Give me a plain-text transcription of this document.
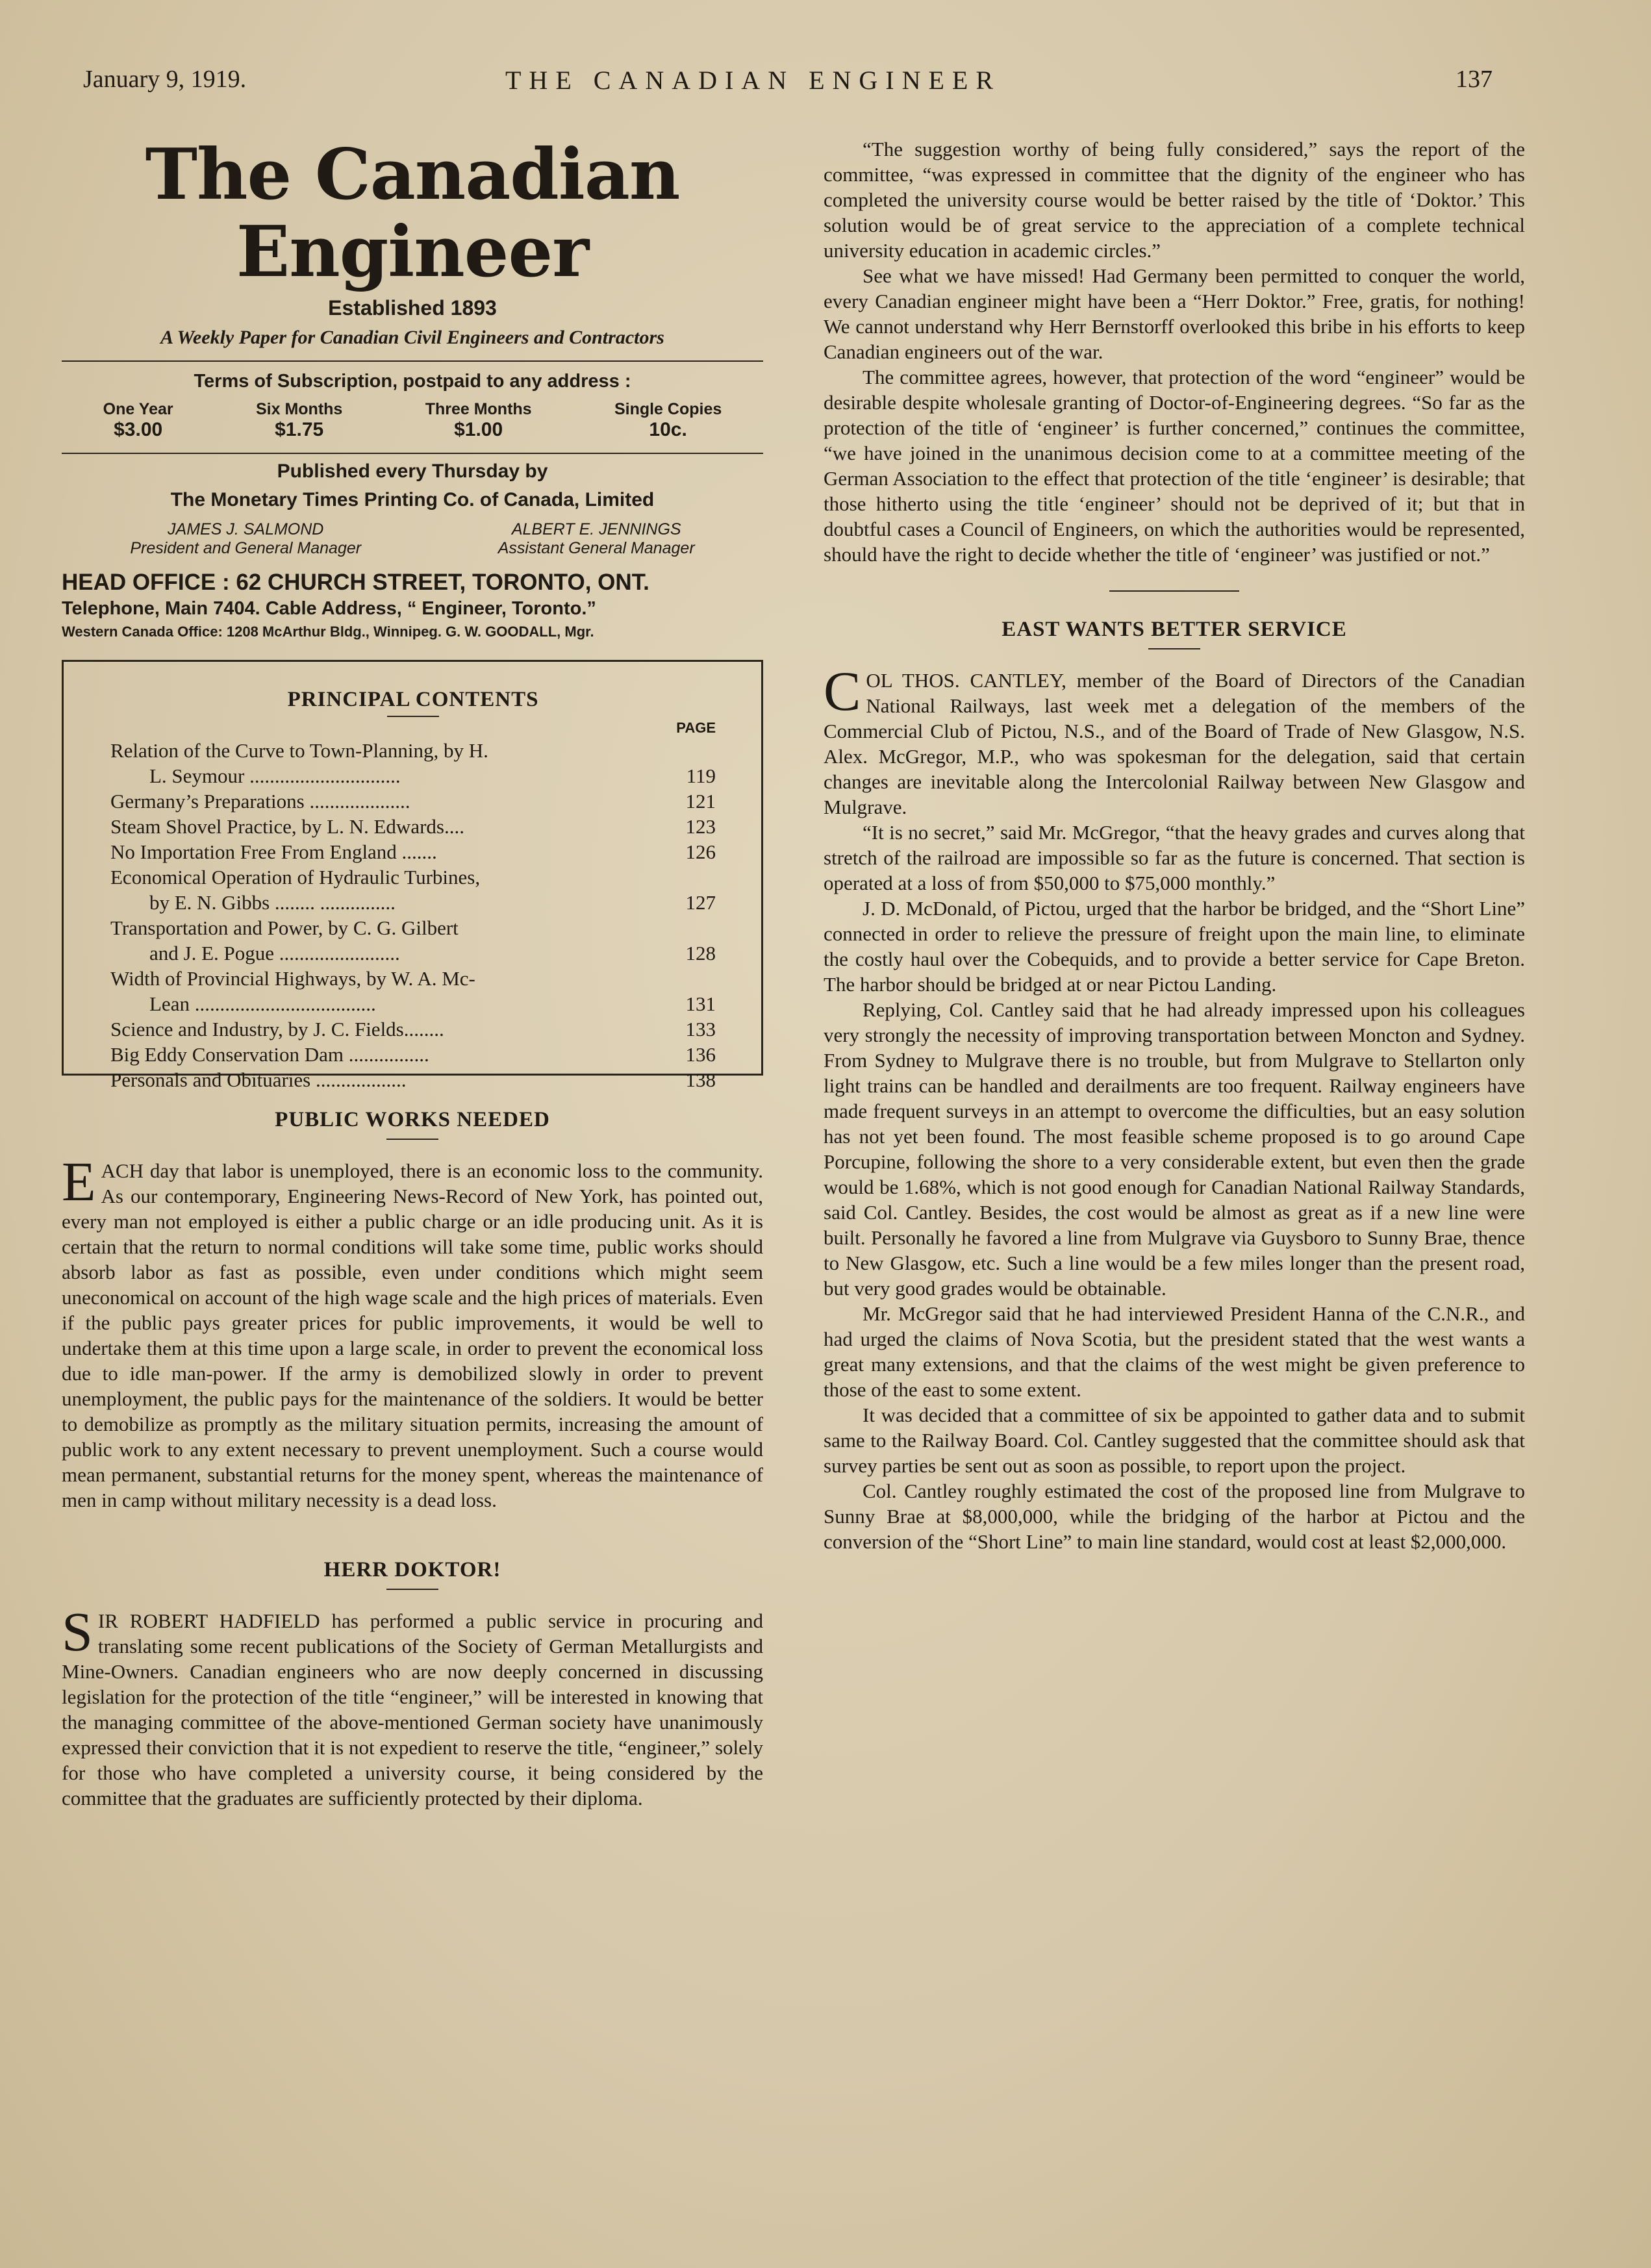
January 9, 1919.	THE CANADIAN ENGINEER	137
The Canadian Engineer
Established 1893
A Weekly Paper for Canadian Civil Engineers and Contractors
Terms of Subscription, postpaid to any address :
One Year
$3.00
Six Months
$1.75
Three Months
$1.00
Single Copies
10c.
Published every Thursday by
The Monetary Times Printing Co. of Canada, Limited
JAMES J. SALMOND
President and General Manager
ALBERT E. JENNINGS
Assistant General Manager
HEAD OFFICE : 62 CHURCH STREET, TORONTO, ONT.
Telephone, Main 7404. Cable Address, “ Engineer, Toronto.”
Western Canada Office: 1208 McArthur Bldg., Winnipeg. G. W. GOODALL, Mgr.
PRINCIPAL CONTENTS
PAGE
Relation of the Curve to Town-Planning, by H.
L. Seymour ..............................	119
Germany’s Preparations ....................	121
Steam Shovel Practice, by L. N. Edwards....	123
No Importation Free From England .......	126
Economical Operation of Hydraulic Turbines,
by E. N. Gibbs ........ ...............	127
Transportation and Power, by C. G. Gilbert
and J. E. Pogue ........................	128
Width of Provincial Highways, by W. A. Mc-
Lean ....................................	131
Science and Industry, by J. C. Fields........	133
Big Eddy Conservation Dam ................	136
Personals and Obituaries ..................	138
PUBLIC WORKS NEEDED

EACH day that labor is unemployed, there is an economic loss to the community. As our contemporary, Engineering News-Record of New York, has pointed out, every man not employed is either a public charge or an idle producing unit. As it is certain that the return to normal conditions will take some time, public works should absorb labor as fast as possible, even under conditions which might seem uneconomical on account of the high wage scale and the high prices of materials. Even if the public pays greater prices for public improvements, it would be well to undertake them at this time upon a large scale, in order to prevent the economical loss due to idle man-power. If the army is demobilized slowly in order to prevent unemployment, the public pays for the maintenance of the soldiers. It would be better to demobilize as promptly as the military situation permits, increasing the amount of public work to any extent necessary to prevent unemployment. Such a course would mean permanent, substantial returns for the money spent, whereas the maintenance of men in camp without military necessity is a dead loss.

HERR DOKTOR!

SIR ROBERT HADFIELD has performed a public service in procuring and translating some recent publications of the Society of German Metallurgists and Mine-Owners. Canadian engineers who are now deeply concerned in discussing legislation for the protection of the title “engineer,” will be interested in knowing that the managing committee of the above-mentioned German society have unanimously expressed their conviction that it is not expedient to reserve the title, “engineer,” solely for those who have completed a university course, it being considered by the committee that the graduates are sufficiently protected by their diploma.

“The suggestion worthy of being fully considered,” says the report of the committee, “was expressed in committee that the dignity of the engineer who has completed the university course would be better raised by the title of ‘Doktor.’ This solution would be of great service to the appreciation of a complete technical university education in academic circles.”

See what we have missed! Had Germany been permitted to conquer the world, every Canadian engineer might have been a “Herr Doktor.” Free, gratis, for nothing! We cannot understand why Herr Bernstorff overlooked this bribe in his efforts to keep Canadian engineers out of the war.

The committee agrees, however, that protection of the word “engineer” would be desirable despite wholesale granting of Doctor-of-Engineering degrees. “So far as the protection of the title of ‘engineer’ is further concerned,” continues the committee, “we have joined in the unanimous decision come to at a committee meeting of the German Association to the effect that protection of the title ‘engineer’ is desirable; that those hitherto using the title ‘engineer’ should not be deprived of it; but that in doubtful cases a Council of Engineers, on which the authorities would be represented, should have the right to decide whether the title of ‘engineer’ was justified or not.”

EAST WANTS BETTER SERVICE

COL THOS. CANTLEY, member of the Board of Directors of the Canadian National Railways, last week met a delegation of the members of the Commercial Club of Pictou, N.S., and of the Board of Trade of New Glasgow, N.S. Alex. McGregor, M.P., who was spokesman for the delegation, said that certain changes are inevitable along the Intercolonial Railway between New Glasgow and Mulgrave.

“It is no secret,” said Mr. McGregor, “that the heavy grades and curves along that stretch of the railroad are impossible so far as the future is concerned. That section is operated at a loss of from $50,000 to $75,000 monthly.”

J. D. McDonald, of Pictou, urged that the harbor be bridged, and the “Short Line” connected in order to relieve the pressure of freight upon the main line, to eliminate the costly haul over the Cobequids, and to provide a better service for Cape Breton. The harbor should be bridged at or near Pictou Landing.

Replying, Col. Cantley said that he had already impressed upon his colleagues very strongly the necessity of improving transportation between Moncton and Sydney. From Sydney to Mulgrave there is no trouble, but from Mulgrave to Stellarton only light trains can be handled and derailments are too frequent. Railway engineers have made frequent surveys in an attempt to overcome the difficulties, but an easy solution has not yet been found. The most feasible scheme proposed is to go around Cape Porcupine, following the shore to a very considerable extent, but even then the grade would be 1.68%, which is not good enough for Canadian National Railway Standards, said Col. Cantley. Besides, the cost would be almost as great as if a new line were built. Personally he favored a line from Mulgrave via Guysboro to Sunny Brae, thence to New Glasgow, etc. Such a line would be a few miles longer than the present road, but very good grades would be obtainable.

Mr. McGregor said that he had interviewed President Hanna of the C.N.R., and had urged the claims of Nova Scotia, but the president stated that the west wants a great many extensions, and that the claims of the west might be given preference to those of the east to some extent.

It was decided that a committee of six be appointed to gather data and to submit same to the Railway Board. Col. Cantley suggested that the committee should ask that survey parties be sent out as soon as possible, to report upon the project.

Col. Cantley roughly estimated the cost of the proposed line from Mulgrave to Sunny Brae at $8,000,000, while the bridging of the harbor at Pictou and the conversion of the “Short Line” to main line standard, would cost at least $2,000,000.
